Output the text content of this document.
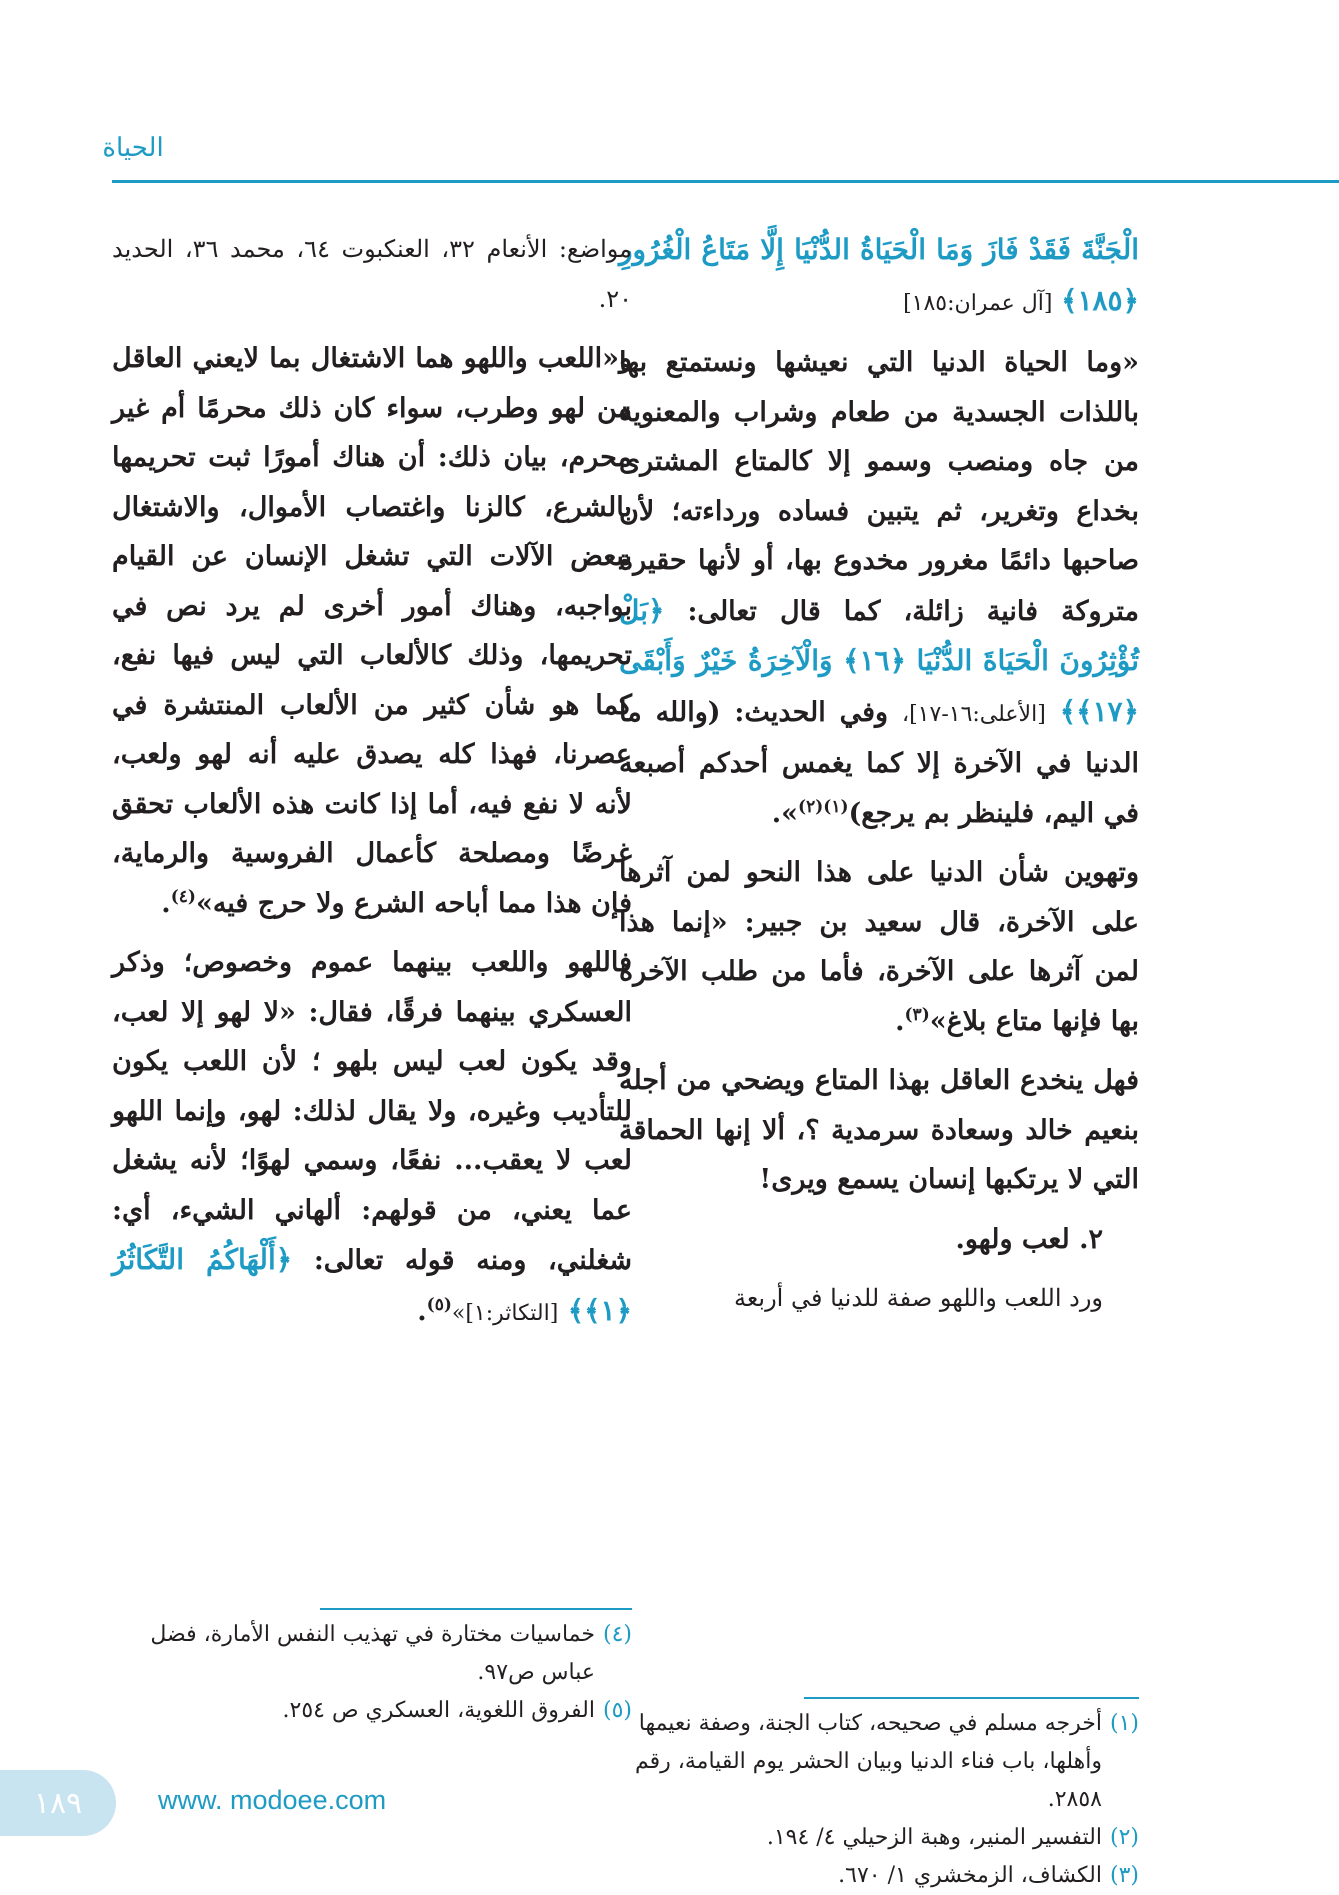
الحياة

الْجَنَّةَ فَقَدْ فَازَ وَمَا الْحَيَاةُ الدُّنْيَا إِلَّا مَتَاعُ الْغُرُورِ ﴿١٨٥﴾ [آل عمران:١٨٥]

«وما الحياة الدنيا التي نعيشها ونستمتع بها باللذات الجسدية من طعام وشراب والمعنوية من جاه ومنصب وسمو إلا كالمتاع المشترى بخداع وتغرير، ثم يتبين فساده ورداءته؛ لأن صاحبها دائمًا مغرور مخدوع بها، أو لأنها حقيرة متروكة فانية زائلة، كما قال تعالى: ﴿بَلْ تُؤْثِرُونَ الْحَيَاةَ الدُّنْيَا ﴿١٦﴾ وَالْآخِرَةُ خَيْرٌ وَأَبْقَى ﴿١٧﴾﴾ [الأعلى:١٦-١٧]، وفي الحديث: (والله ما الدنيا في الآخرة إلا كما يغمس أحدكم أصبعه في اليم، فلينظر بم يرجع)$^{(١)(٢)}$».

وتهوين شأن الدنيا على هذا النحو لمن آثرها على الآخرة، قال سعيد بن جبير: «إنما هذا لمن آثرها على الآخرة، فأما من طلب الآخرة بها فإنها متاع بلاغ»$^{(٣)}$.

فهل ينخدع العاقل بهذا المتاع ويضحي من أجله بنعيم خالد وسعادة سرمدية ؟، ألا إنها الحماقة التي لا يرتكبها إنسان يسمع ويرى!

٢. لعب ولهو.

ورد اللعب واللهو صفة للدنيا في أربعة

مواضع: الأنعام ٣٢، العنكبوت ٦٤، محمد ٣٦، الحديد ٢٠.

و«اللعب واللهو هما الاشتغال بما لايعني العاقل من لهو وطرب، سواء كان ذلك محرمًا أم غير محرم، بيان ذلك: أن هناك أمورًا ثبت تحريمها بالشرع، كالزنا واغتصاب الأموال، والاشتغال ببعض الآلات التي تشغل الإنسان عن القيام بواجبه، وهناك أمور أخرى لم يرد نص في تحريمها، وذلك كالألعاب التي ليس فيها نفع، كما هو شأن كثير من الألعاب المنتشرة في عصرنا، فهذا كله يصدق عليه أنه لهو ولعب، لأنه لا نفع فيه، أما إذا كانت هذه الألعاب تحقق غرضًا ومصلحة كأعمال الفروسية والرماية، فإن هذا مما أباحه الشرع ولا حرج فيه»$^{(٤)}$.

فاللهو واللعب بينهما عموم وخصوص؛ وذكر العسكري بينهما فرقًا، فقال: «لا لهو إلا لعب، وقد يكون لعب ليس بلهو ؛ لأن اللعب يكون للتأديب وغيره، ولا يقال لذلك: لهو، وإنما اللهو لعب لا يعقب... نفعًا، وسمي لهوًا؛ لأنه يشغل عما يعني، من قولهم: ألهاني الشيء، أي: شغلني، ومنه قوله تعالى: ﴿أَلْهَاكُمُ التَّكَاثُرُ ﴿١﴾﴾ [التكاثر:١]»$^{(٥)}$.

(١)
أخرجه مسلم في صحيحه، كتاب الجنة، وصفة نعيمها وأهلها، باب فناء الدنيا وبيان الحشر يوم القيامة، رقم ٢٨٥٨.
(٢)
التفسير المنير، وهبة الزحيلي ٤/ ١٩٤.
(٣)
الكشاف، الزمخشري ١/ ٦٧٠.
(٤)
خماسيات مختارة في تهذيب النفس الأمارة، فضل عباس ص٩٧.
(٥)
الفروق اللغوية، العسكري ص ٢٥٤.
١٨٩	www. modoee.com
